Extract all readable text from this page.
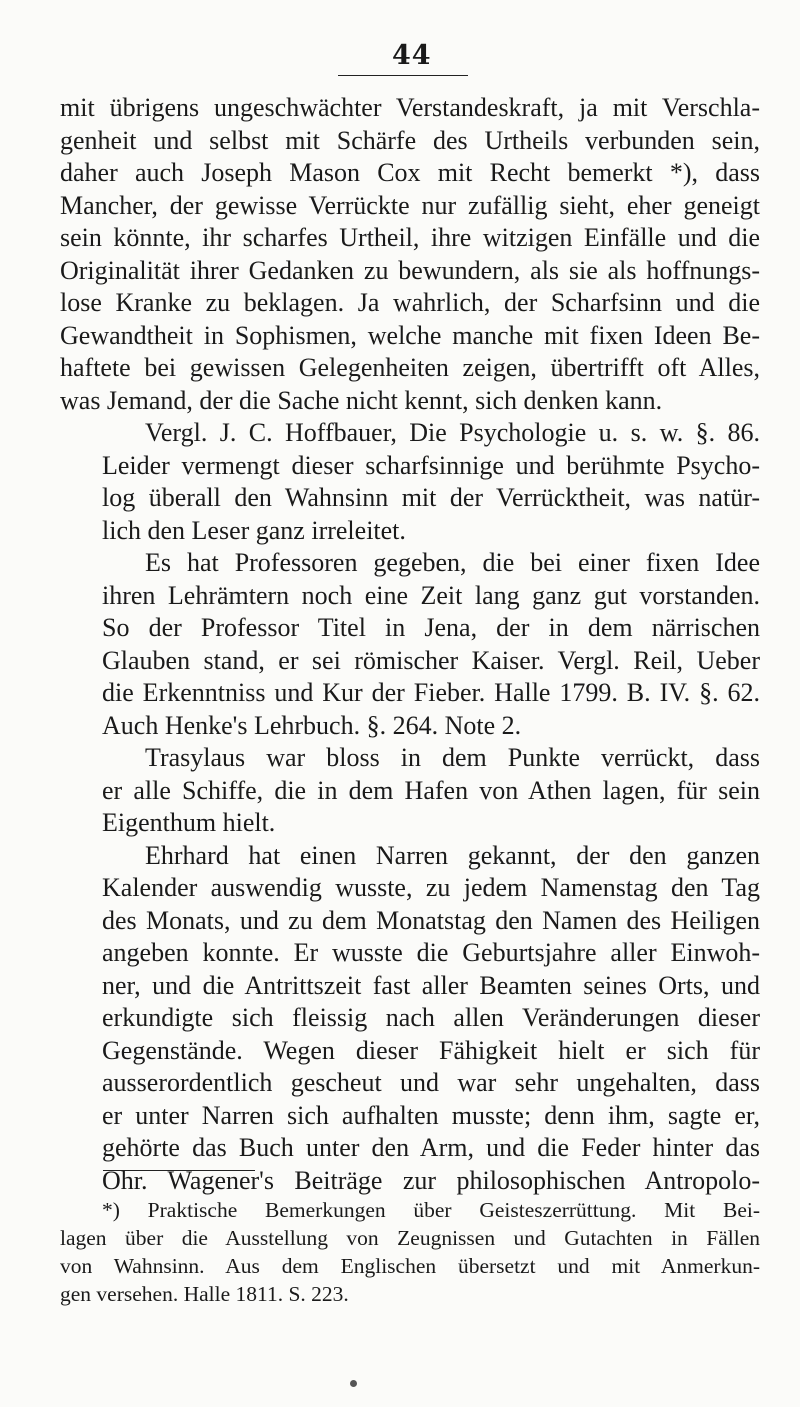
44
mit übrigens ungeschwächter Verstandeskraft, ja mit Verschla-
genheit und selbst mit Schärfe des Urtheils verbunden sein,
daher auch Joseph Mason Cox mit Recht bemerkt *), dass
Mancher, der gewisse Verrückte nur zufällig sieht, eher geneigt
sein könnte, ihr scharfes Urtheil, ihre witzigen Einfälle und die
Originalität ihrer Gedanken zu bewundern, als sie als hoffnungs-
lose Kranke zu beklagen. Ja wahrlich, der Scharfsinn und die
Gewandtheit in Sophismen, welche manche mit fixen Ideen Be-
haftete bei gewissen Gelegenheiten zeigen, übertrifft oft Alles,
was Jemand, der die Sache nicht kennt, sich denken kann.
Vergl. J. C. Hoffbauer, Die Psychologie u. s. w. §. 86.
Leider vermengt dieser scharfsinnige und berühmte Psycho-
log überall den Wahnsinn mit der Verrücktheit, was natür-
lich den Leser ganz irreleitet.
Es hat Professoren gegeben, die bei einer fixen Idee
ihren Lehrämtern noch eine Zeit lang ganz gut vorstanden.
So der Professor Titel in Jena, der in dem närrischen
Glauben stand, er sei römischer Kaiser. Vergl. Reil, Ueber
die Erkenntniss und Kur der Fieber. Halle 1799. B. IV. §. 62.
Auch Henke's Lehrbuch. §. 264. Note 2.
Trasylaus war bloss in dem Punkte verrückt, dass
er alle Schiffe, die in dem Hafen von Athen lagen, für sein
Eigenthum hielt.
Ehrhard hat einen Narren gekannt, der den ganzen
Kalender auswendig wusste, zu jedem Namenstag den Tag
des Monats, und zu dem Monatstag den Namen des Heiligen
angeben konnte. Er wusste die Geburtsjahre aller Einwoh-
ner, und die Antrittszeit fast aller Beamten seines Orts, und
erkundigte sich fleissig nach allen Veränderungen dieser
Gegenstände. Wegen dieser Fähigkeit hielt er sich für
ausserordentlich gescheut und war sehr ungehalten, dass
er unter Narren sich aufhalten musste; denn ihm, sagte er,
gehörte das Buch unter den Arm, und die Feder hinter das
Ohr. Wagener's Beiträge zur philosophischen Antropolo-
*) Praktische Bemerkungen über Geisteszerrüttung. Mit Bei-
lagen über die Ausstellung von Zeugnissen und Gutachten in Fällen
von Wahnsinn. Aus dem Englischen übersetzt und mit Anmerkun-
gen versehen. Halle 1811. S. 223.
